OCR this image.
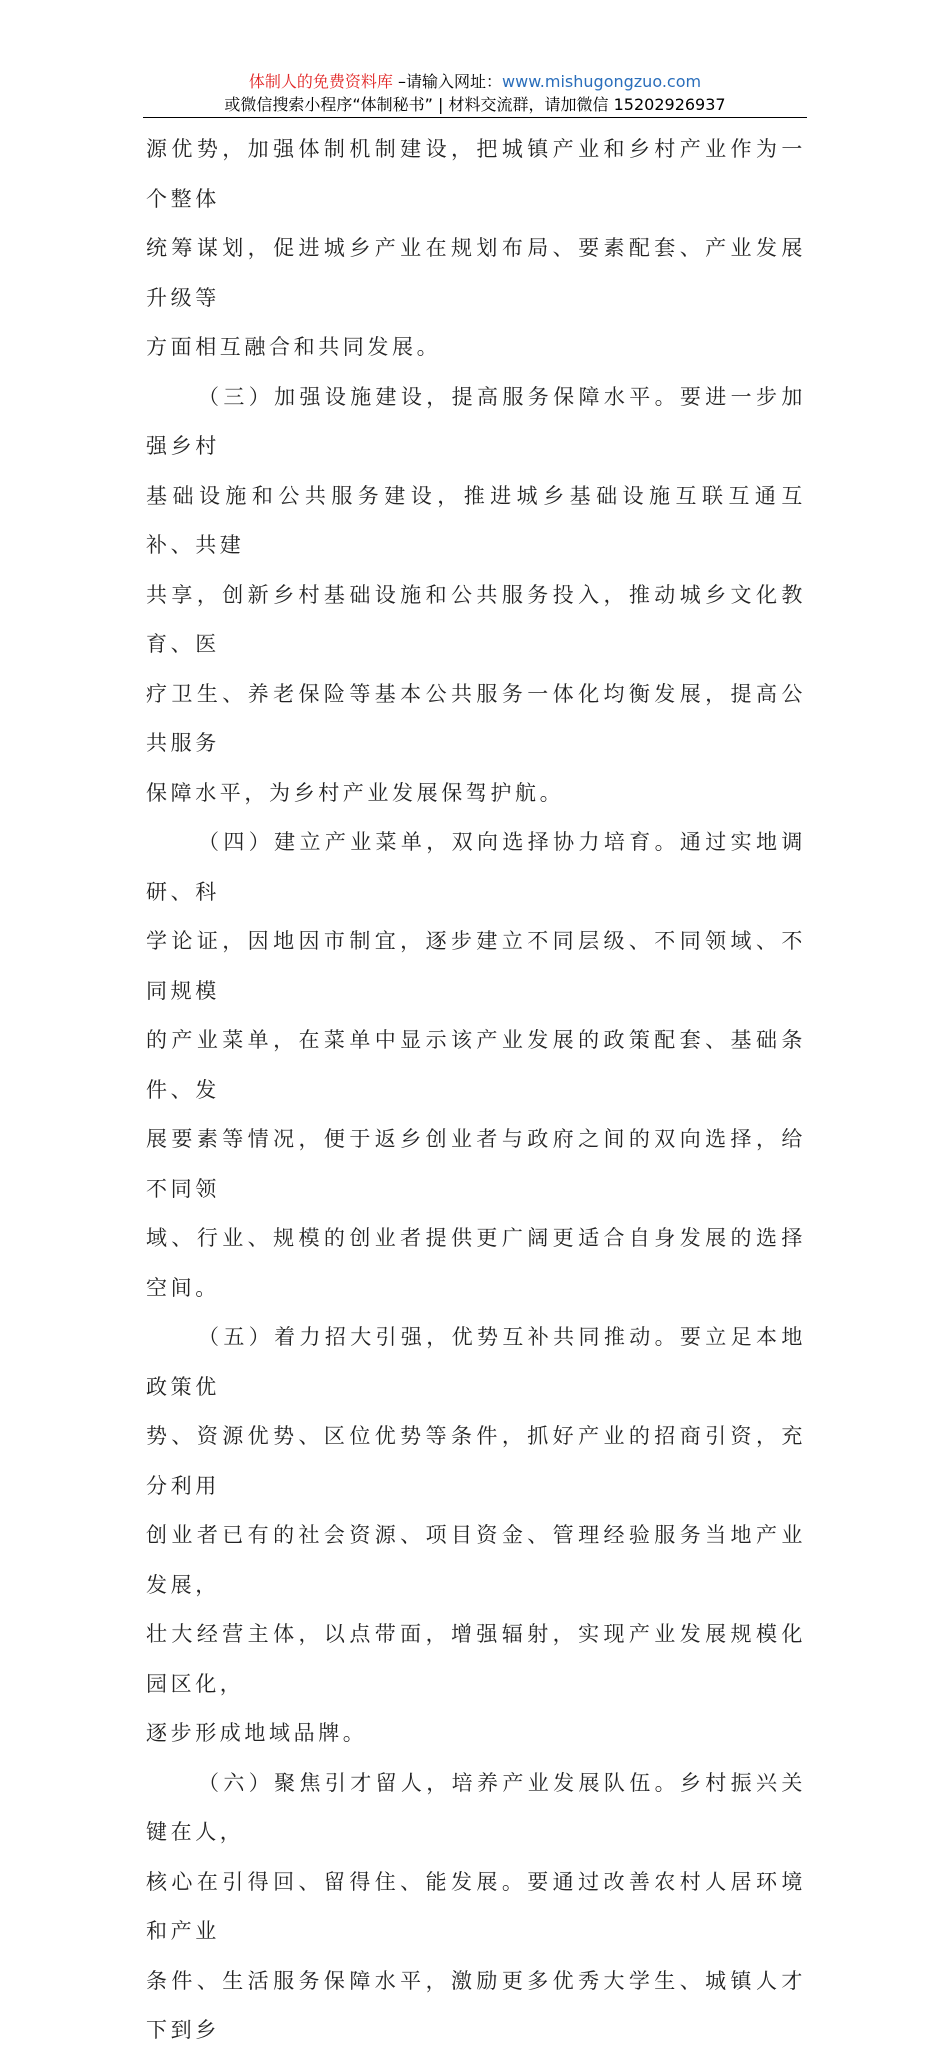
体制人的免费资料库 –请输入网址：www.mishugongzuo.com
或微信搜索小程序“体制秘书” | 材料交流群，请加微信 15202926937
源优势，加强体制机制建设，把城镇产业和乡村产业作为一个整体
统筹谋划，促进城乡产业在规划布局、要素配套、产业发展升级等
方面相互融合和共同发展。
（三）加强设施建设，提高服务保障水平。要进一步加强乡村
基础设施和公共服务建设，推进城乡基础设施互联互通互补、共建
共享，创新乡村基础设施和公共服务投入，推动城乡文化教育、医
疗卫生、养老保险等基本公共服务一体化均衡发展，提高公共服务
保障水平，为乡村产业发展保驾护航。
（四）建立产业菜单，双向选择协力培育。通过实地调研、科
学论证，因地因市制宜，逐步建立不同层级、不同领域、不同规模
的产业菜单，在菜单中显示该产业发展的政策配套、基础条件、发
展要素等情况，便于返乡创业者与政府之间的双向选择，给不同领
域、行业、规模的创业者提供更广阔更适合自身发展的选择空间。
（五）着力招大引强，优势互补共同推动。要立足本地政策优
势、资源优势、区位优势等条件，抓好产业的招商引资，充分利用
创业者已有的社会资源、项目资金、管理经验服务当地产业发展，
壮大经营主体，以点带面，增强辐射，实现产业发展规模化园区化，
逐步形成地域品牌。
（六）聚焦引才留人，培养产业发展队伍。乡村振兴关键在人，
核心在引得回、留得住、能发展。要通过改善农村人居环境和产业
条件、生活服务保障水平，激励更多优秀大学生、城镇人才下到乡
